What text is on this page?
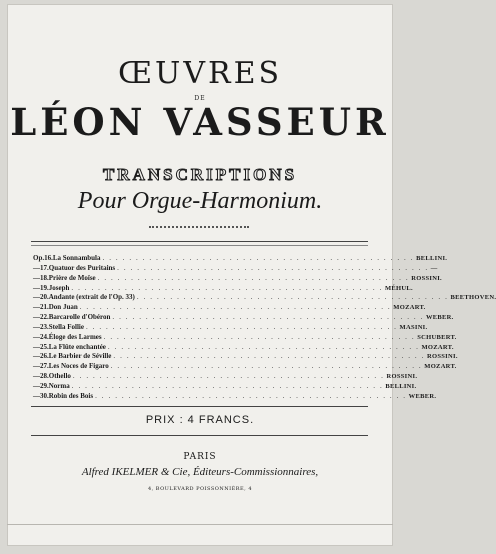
ŒUVRES
DE
LÉON VASSEUR
TRANSCRIPTIONS
Pour Orgue-Harmonium.
Op. 16. La Sonnambula . . . . . . . . . . . . . . . . . . . . . . . . . . . . . . . . . . . . . . . . . . . . . . . BELLINI.
— 17. Quatuor des Puritains . . . . . . . . . . . . . . . . . . . . . . . . . . . . . . . . . . . . . . . . . . . . . . . —
— 18. Prière de Moïse . . . . . . . . . . . . . . . . . . . . . . . . . . . . . . . . . . . . . . . . . . . . . . . ROSSINI.
— 19. Joseph . . . . . . . . . . . . . . . . . . . . . . . . . . . . . . . . . . . . . . . . . . . . . . . MÉHUL.
— 20. Andante (extrait de l'Op. 33) . . . . . . . . . . . . . . . . . . . . . . . . . . . . . . . . . . . . . . . . . . . . . . . BEETHOVEN.
— 21. Don Juan . . . . . . . . . . . . . . . . . . . . . . . . . . . . . . . . . . . . . . . . . . . . . . . MOZART.
— 22. Barcarolle d'Obéron . . . . . . . . . . . . . . . . . . . . . . . . . . . . . . . . . . . . . . . . . . . . . . . WEBER.
— 23. Stella Follie . . . . . . . . . . . . . . . . . . . . . . . . . . . . . . . . . . . . . . . . . . . . . . . MASINI.
— 24. Éloge des Larmes . . . . . . . . . . . . . . . . . . . . . . . . . . . . . . . . . . . . . . . . . . . . . . . SCHUBERT.
— 25. La Flûte enchantée . . . . . . . . . . . . . . . . . . . . . . . . . . . . . . . . . . . . . . . . . . . . . . . MOZART.
— 26. Le Barbier de Séville . . . . . . . . . . . . . . . . . . . . . . . . . . . . . . . . . . . . . . . . . . . . . . . ROSSINI.
— 27. Les Noces de Figaro . . . . . . . . . . . . . . . . . . . . . . . . . . . . . . . . . . . . . . . . . . . . . . . MOZART.
— 28. Othello . . . . . . . . . . . . . . . . . . . . . . . . . . . . . . . . . . . . . . . . . . . . . . . ROSSINI.
— 29. Norma . . . . . . . . . . . . . . . . . . . . . . . . . . . . . . . . . . . . . . . . . . . . . . . BELLINI.
— 30. Robin des Bois . . . . . . . . . . . . . . . . . . . . . . . . . . . . . . . . . . . . . . . . . . . . . . . WEBER.
PRIX : 4 FRANCS.
PARIS
Alfred IKELMER & Cie, Éditeurs-Commissionnaires,
4, BOULEVARD POISSONNIÈRE, 4
